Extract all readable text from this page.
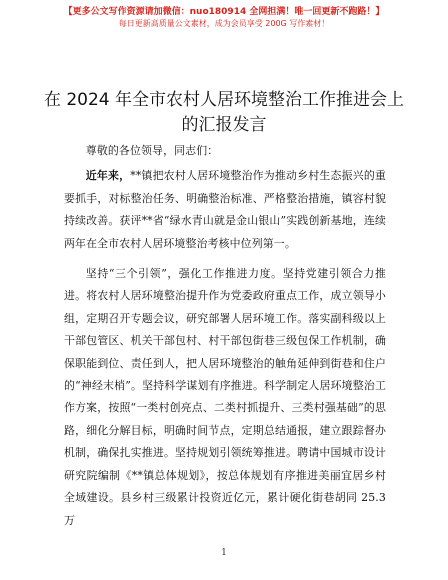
【更多公文写作资源请加微信：nuo180914 全网担满！唯一回更新不跑路！】
每日更新高质量公文素材，成为会员享受 200G 写作素材！
在 2024 年全市农村人居环境整治工作推进会上
的汇报发言

尊敬的各位领导，同志们：

近年来，**镇把农村人居环境整治作为推动乡村生态振兴的重要抓手，对标整治任务、明确整治标准、严格整治措施，镇容村貌持续改善。获评**省“绿水青山就是金山银山”实践创新基地，连续两年在全市农村人居环境整治考核中位列第一。

坚持“三个引领”，强化工作推进力度。坚持党建引领合力推进。将农村人居环境整治提升作为党委政府重点工作，成立领导小组，定期召开专题会议，研究部署人居环境工作。落实副科级以上干部包管区、机关干部包村、村干部包街巷三级包保工作机制，确保职能到位、责任到人，把人居环境整治的触角延伸到街巷和住户的“神经末梢”。坚持科学谋划有序推进。科学制定人居环境整治工作方案，按照“一类村创亮点、二类村抓提升、三类村强基础”的思路，细化分解目标，明确时间节点，定期总结通报，建立跟踪督办机制，确保扎实推进。坚持规划引领统筹推进。聘请中国城市设计研究院编制《**镇总体规划》，按总体规划有序推进美丽宜居乡村全域建设。县乡村三级累计投资近亿元，累计硬化街巷胡同 25.3 万

1
